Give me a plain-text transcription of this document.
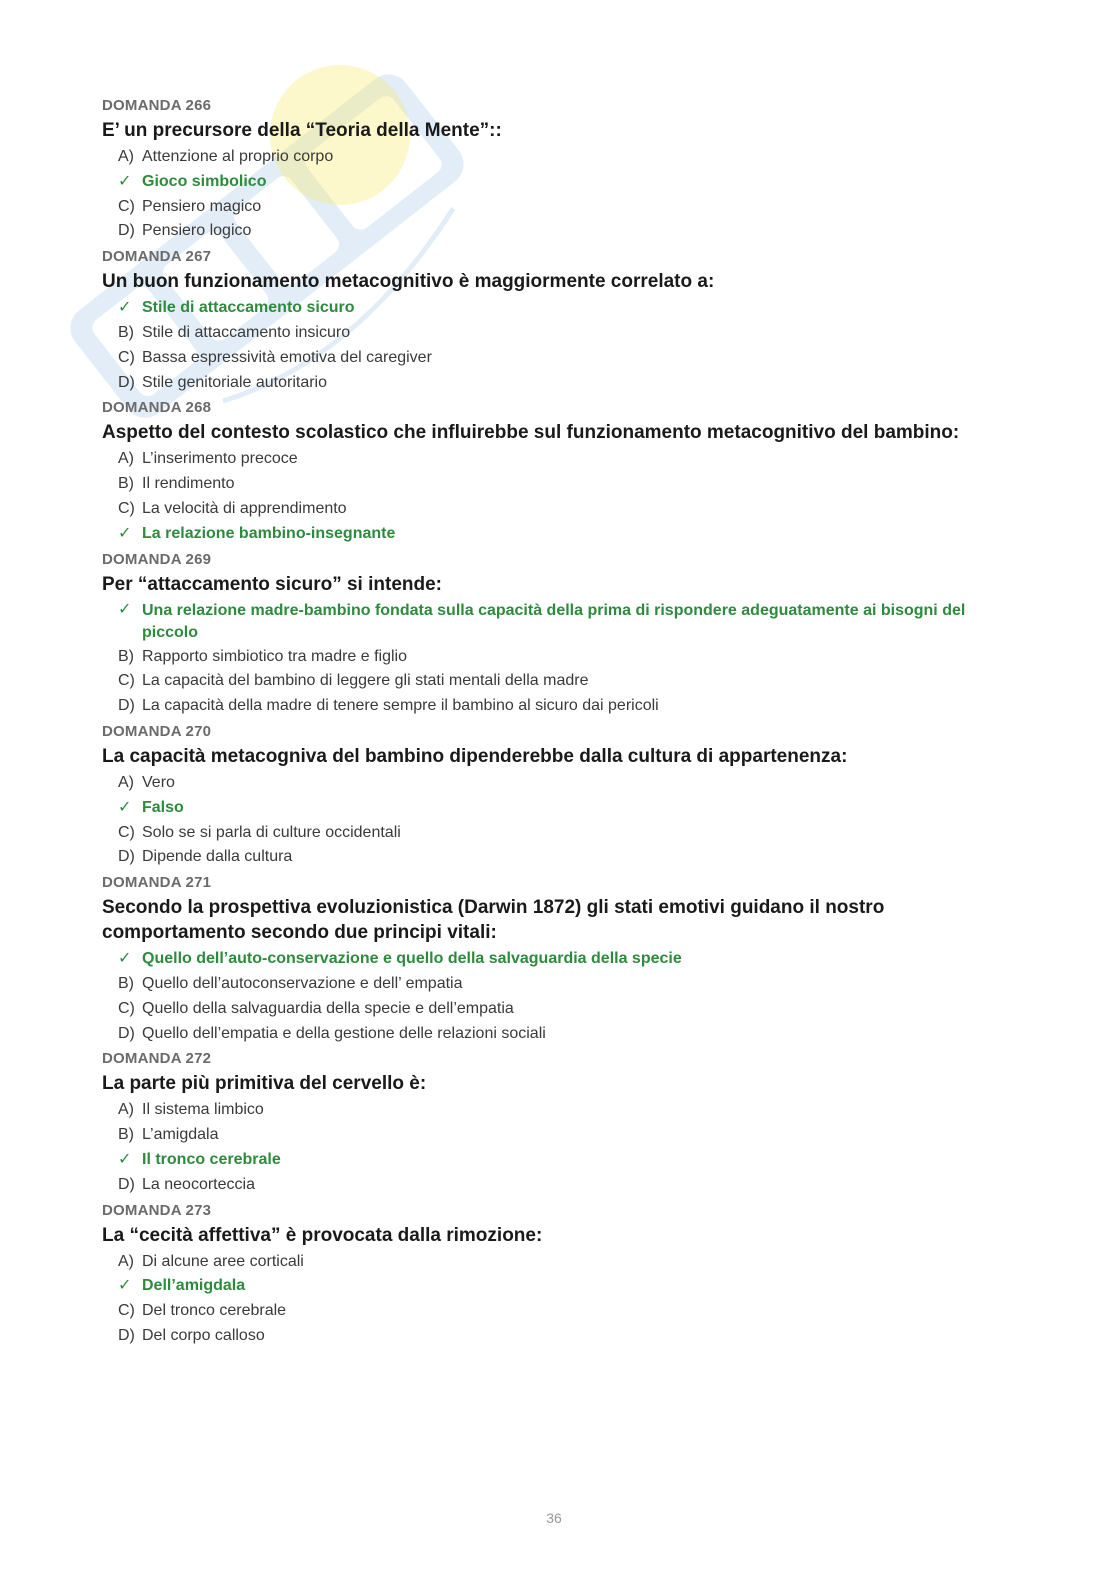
DOMANDA 266
E’ un precursore della “Teoria della Mente”::
A) Attenzione al proprio corpo
✓ Gioco simbolico
C) Pensiero magico
D) Pensiero logico
DOMANDA 267
Un buon funzionamento metacognitivo è maggiormente correlato a:
✓ Stile di attaccamento sicuro
B) Stile di attaccamento insicuro
C) Bassa espressività emotiva del caregiver
D) Stile genitoriale autoritario
DOMANDA 268
Aspetto del contesto scolastico che influirebbe sul funzionamento metacognitivo del bambino:
A) L’inserimento precoce
B) Il rendimento
C) La velocità di apprendimento
✓ La relazione bambino-insegnante
DOMANDA 269
Per “attaccamento sicuro” si intende:
✓ Una relazione madre-bambino fondata sulla capacità della prima di rispondere adeguatamente ai bisogni del piccolo
B) Rapporto simbiotico tra madre e figlio
C) La capacità del bambino di leggere gli stati mentali della madre
D) La capacità della madre di tenere sempre il bambino al sicuro dai pericoli
DOMANDA 270
La capacità metacogniva del bambino dipenderebbe dalla cultura di appartenenza:
A) Vero
✓ Falso
C) Solo se si parla di culture occidentali
D) Dipende dalla cultura
DOMANDA 271
Secondo la prospettiva evoluzionistica (Darwin 1872) gli stati emotivi guidano il nostro comportamento secondo due principi vitali:
✓ Quello dell’auto-conservazione e quello della salvaguardia della specie
B) Quello dell’autoconservazione e dell’ empatia
C) Quello della salvaguardia della specie e dell’empatia
D) Quello dell’empatia e della gestione delle relazioni sociali
DOMANDA 272
La parte più primitiva del cervello è:
A) Il sistema limbico
B) L’amigdala
✓ Il tronco cerebrale
D) La neocorteccia
DOMANDA 273
La “cecità affettiva” è provocata dalla rimozione:
A) Di alcune aree corticali
✓ Dell’amigdala
C) Del tronco cerebrale
D) Del corpo calloso
36
